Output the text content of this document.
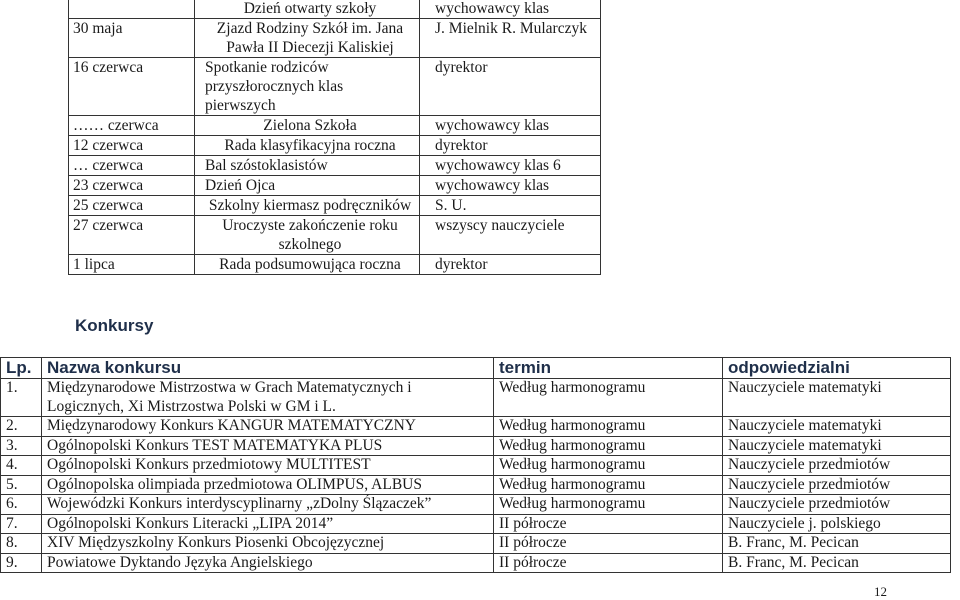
	Dzień otwarty szkoły	wychowawcy klas
30 maja	Zjazd Rodziny Szkół im. Jana Pawła II Diecezji Kaliskiej	J. Mielnik R. Mularczyk
16 czerwca	Spotkanie rodziców przyszłorocznych klas pierwszych	dyrektor
…… czerwca	Zielona Szkoła	wychowawcy klas
12 czerwca	Rada klasyfikacyjna roczna	dyrektor
… czerwca	Bal szóstoklasistów	wychowawcy klas 6
23 czerwca	Dzień Ojca	wychowawcy klas
25 czerwca	Szkolny kiermasz podręczników	S. U.
27 czerwca	Uroczyste zakończenie roku szkolnego	wszyscy nauczyciele
1 lipca	Rada podsumowująca roczna	dyrektor
Konkursy
Lp.	Nazwa konkursu	termin	odpowiedzialni
1.	Międzynarodowe Mistrzostwa w Grach Matematycznych i Logicznych, Xi Mistrzostwa Polski w GM i L.	Według harmonogramu	Nauczyciele matematyki
2.	Międzynarodowy Konkurs KANGUR MATEMATYCZNY	Według harmonogramu	Nauczyciele matematyki
3.	Ogólnopolski Konkurs TEST MATEMATYKA PLUS	Według harmonogramu	Nauczyciele matematyki
4.	Ogólnopolski Konkurs przedmiotowy MULTITEST	Według harmonogramu	Nauczyciele przedmiotów
5.	Ogólnopolska olimpiada przedmiotowa OLIMPUS, ALBUS	Według harmonogramu	Nauczyciele przedmiotów
6.	Wojewódzki Konkurs interdyscyplinarny „zDolny Ślązaczek”	Według harmonogramu	Nauczyciele przedmiotów
7.	Ogólnopolski Konkurs Literacki „LIPA 2014”	II półrocze	Nauczyciele j. polskiego
8.	XIV Międzyszkolny Konkurs Piosenki Obcojęzycznej	II półrocze	B. Franc, M. Pecican
9.	Powiatowe Dyktando Języka Angielskiego	II półrocze	B. Franc, M. Pecican
12
